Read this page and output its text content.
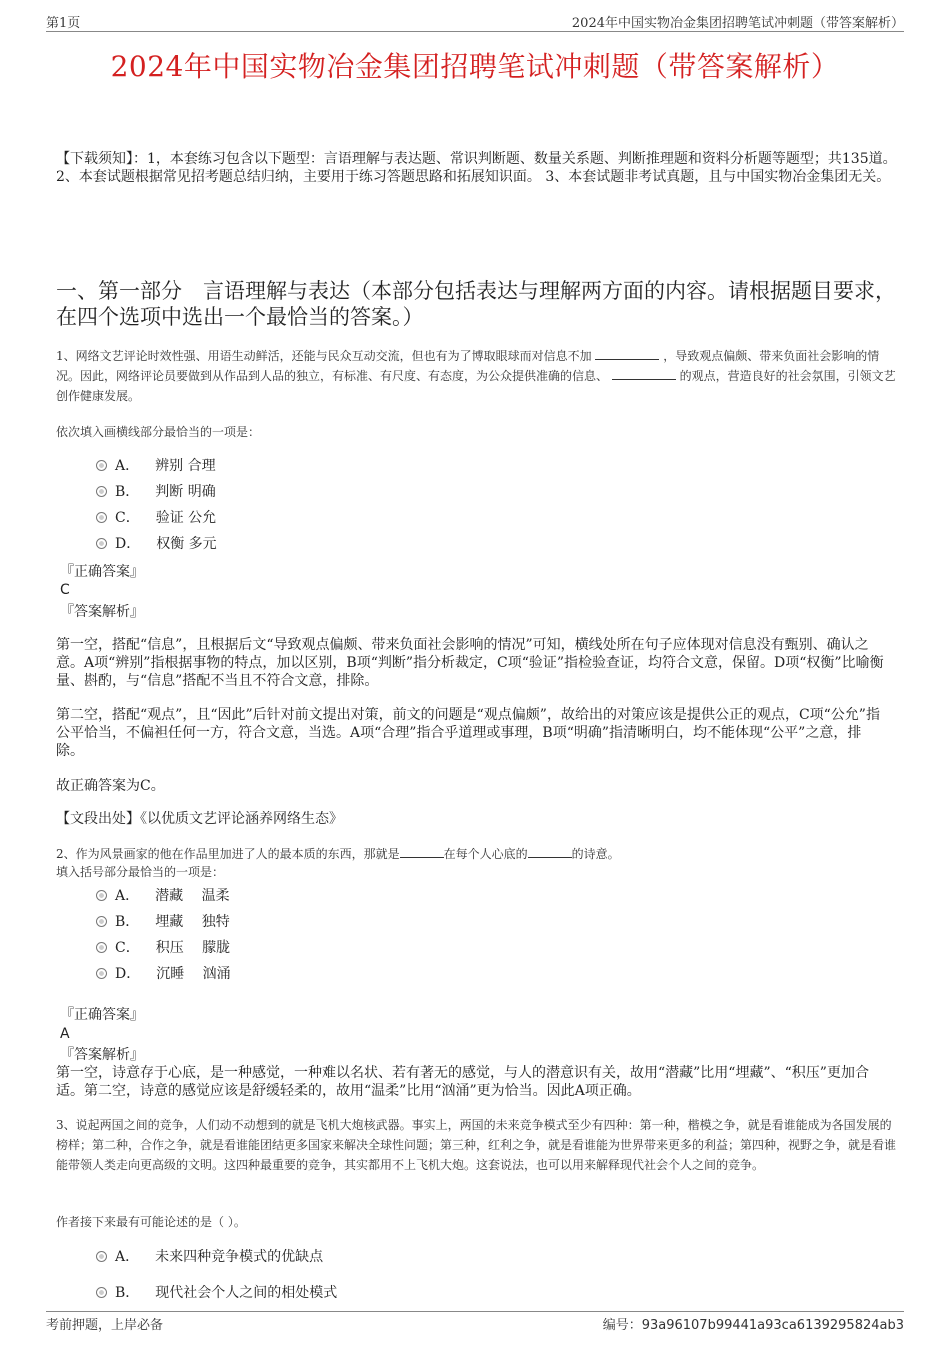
第1页	2024年中国实物冶金集团招聘笔试冲刺题（带答案解析）
2024年中国实物冶金集团招聘笔试冲刺题（带答案解析）
【下载须知】：1，本套练习包含以下题型：言语理解与表达题、常识判断题、数量关系题、判断推理题和资料分析题等题型；共135道。 2、本套试题根据常见招考题总结归纳，主要用于练习答题思路和拓展知识面。 3、本套试题非考试真题，且与中国实物冶金集团无关。
一、第一部分　言语理解与表达（本部分包括表达与理解两方面的内容。请根据题目要求，在四个选项中选出一个最恰当的答案。）
1、网络文艺评论时效性强、用语生动鲜活，还能与民众互动交流，但也有为了博取眼球而对信息不加	，导致观点偏颇、带来负面社会影响的情况。因此，网络评论员要做到从作品到人品的独立，有标准、有尺度、有态度，为公众提供准确的信息、	的观点，营造良好的社会氛围，引领文艺创作健康发展。
依次填入画横线部分最恰当的一项是：
A． 辨别 合理
B． 判断 明确
C． 验证 公允
D． 权衡 多元
『正确答案』
C
『答案解析』
第一空，搭配“信息”，且根据后文“导致观点偏颇、带来负面社会影响的情况”可知，横线处所在句子应体现对信息没有甄别、确认之意。A项“辨别”指根据事物的特点，加以区别，B项“判断”指分析裁定，C项“验证”指检验查证，均符合文意，保留。D项“权衡”比喻衡量、斟酌，与“信息”搭配不当且不符合文意，排除。
第二空，搭配“观点”，且“因此”后针对前文提出对策，前文的问题是“观点偏颇”，故给出的对策应该是提供公正的观点，C项“公允”指公平恰当，不偏袒任何一方，符合文意，当选。A项“合理”指合乎道理或事理，B项“明确”指清晰明白，均不能体现“公平”之意，排除。
故正确答案为C。
【文段出处】《以优质文艺评论涵养网络生态》
2、作为风景画家的他在作品里加进了人的最本质的东西，那就是	在每个人心底的	的诗意。
填入括号部分最恰当的一项是：
A． 潜藏　 温柔
B． 埋藏　 独特
C． 积压　 朦胧
D． 沉睡　 汹涌
『正确答案』
A
『答案解析』
第一空，诗意存于心底，是一种感觉，一种难以名状、若有著无的感觉，与人的潜意识有关，故用“潜藏”比用“埋藏”、“积压”更加合适。第二空，诗意的感觉应该是舒缓轻柔的，故用“温柔”比用“汹涌”更为恰当。因此A项正确。
3、说起两国之间的竞争，人们动不动想到的就是飞机大炮核武器。事实上，两国的未来竞争模式至少有四种：第一种，楷模之争，就是看谁能成为各国发展的榜样；第二种，合作之争，就是看谁能团结更多国家来解决全球性问题；第三种，红利之争，就是看谁能为世界带来更多的利益；第四种，视野之争，就是看谁能带领人类走向更高级的文明。这四种最重要的竞争，其实都用不上飞机大炮。这套说法，也可以用来解释现代社会个人之间的竞争。
作者接下来最有可能论述的是（ ）。
A． 未来四种竞争模式的优缺点
B． 现代社会个人之间的相处模式
考前押题，上岸必备	编号：93a96107b99441a93ca6139295824ab3
